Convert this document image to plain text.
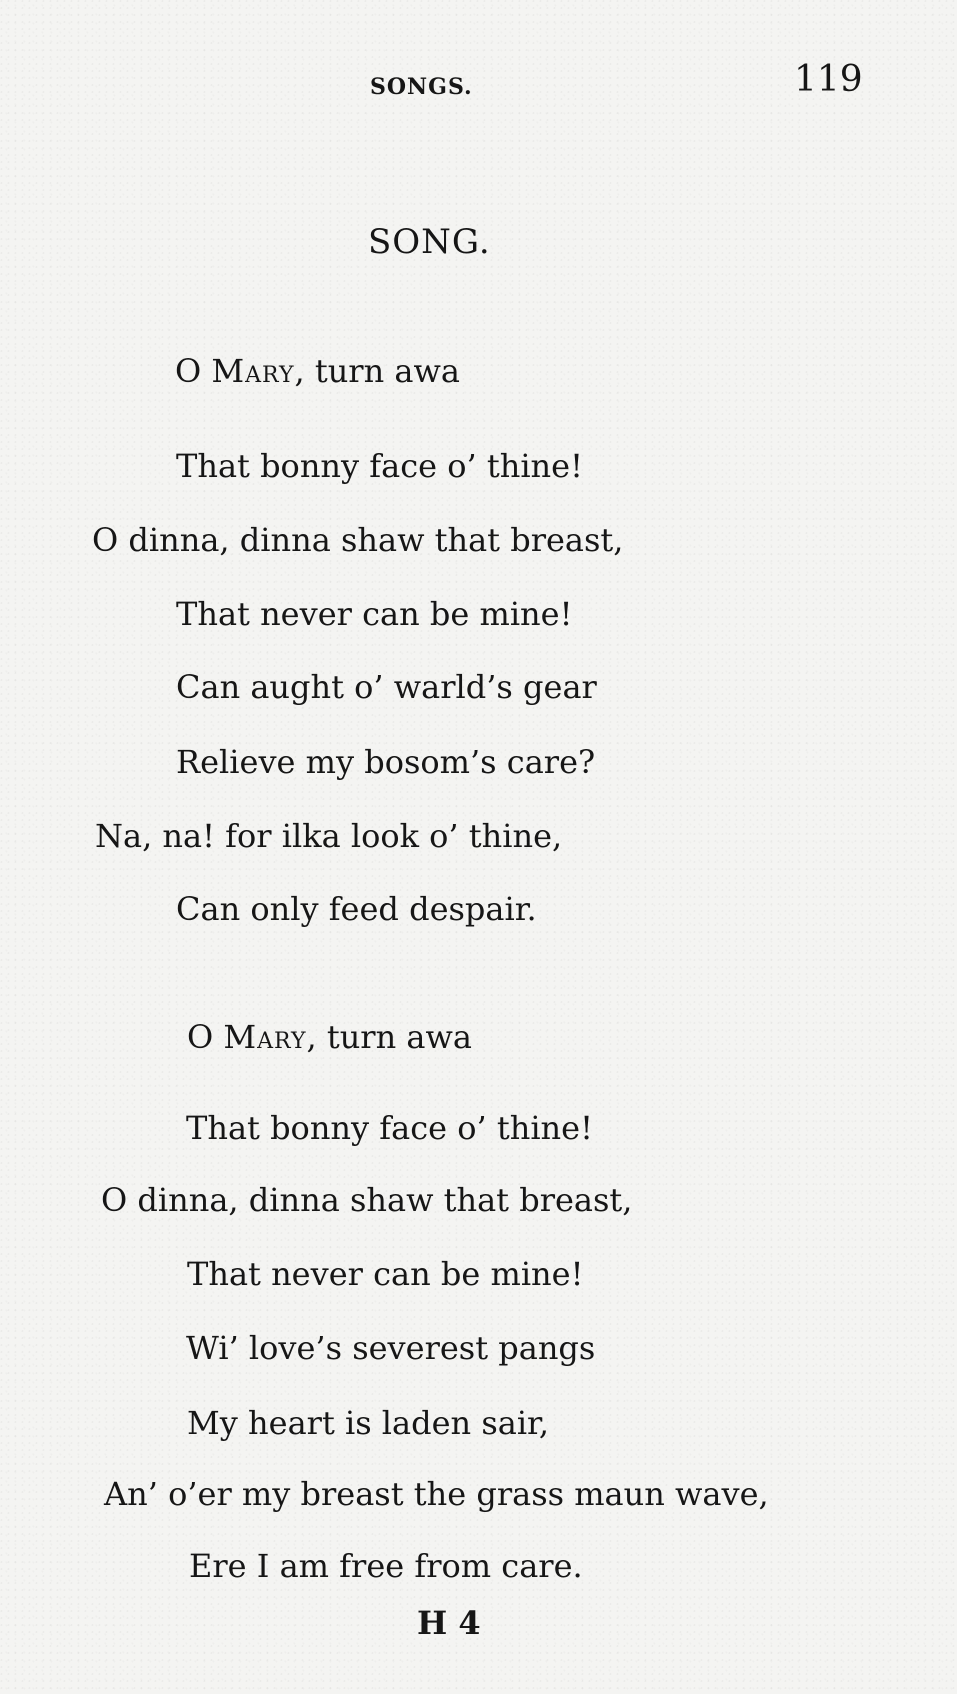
SONGS.	119
SONG.
O Mary, turn awa
That bonny face o’ thine!
O dinna, dinna shaw that breast,
That never can be mine!
Can aught o’ warld’s gear
Relieve my bosom’s care?
Na, na! for ilka look o’ thine,
Can only feed despair.
O Mary, turn awa
That bonny face o’ thine!
O dinna, dinna shaw that breast,
That never can be mine!
Wi’ love’s severest pangs
My heart is laden sair,
An’ o’er my breast the grass maun wave,
Ere I am free from care.
H 4
